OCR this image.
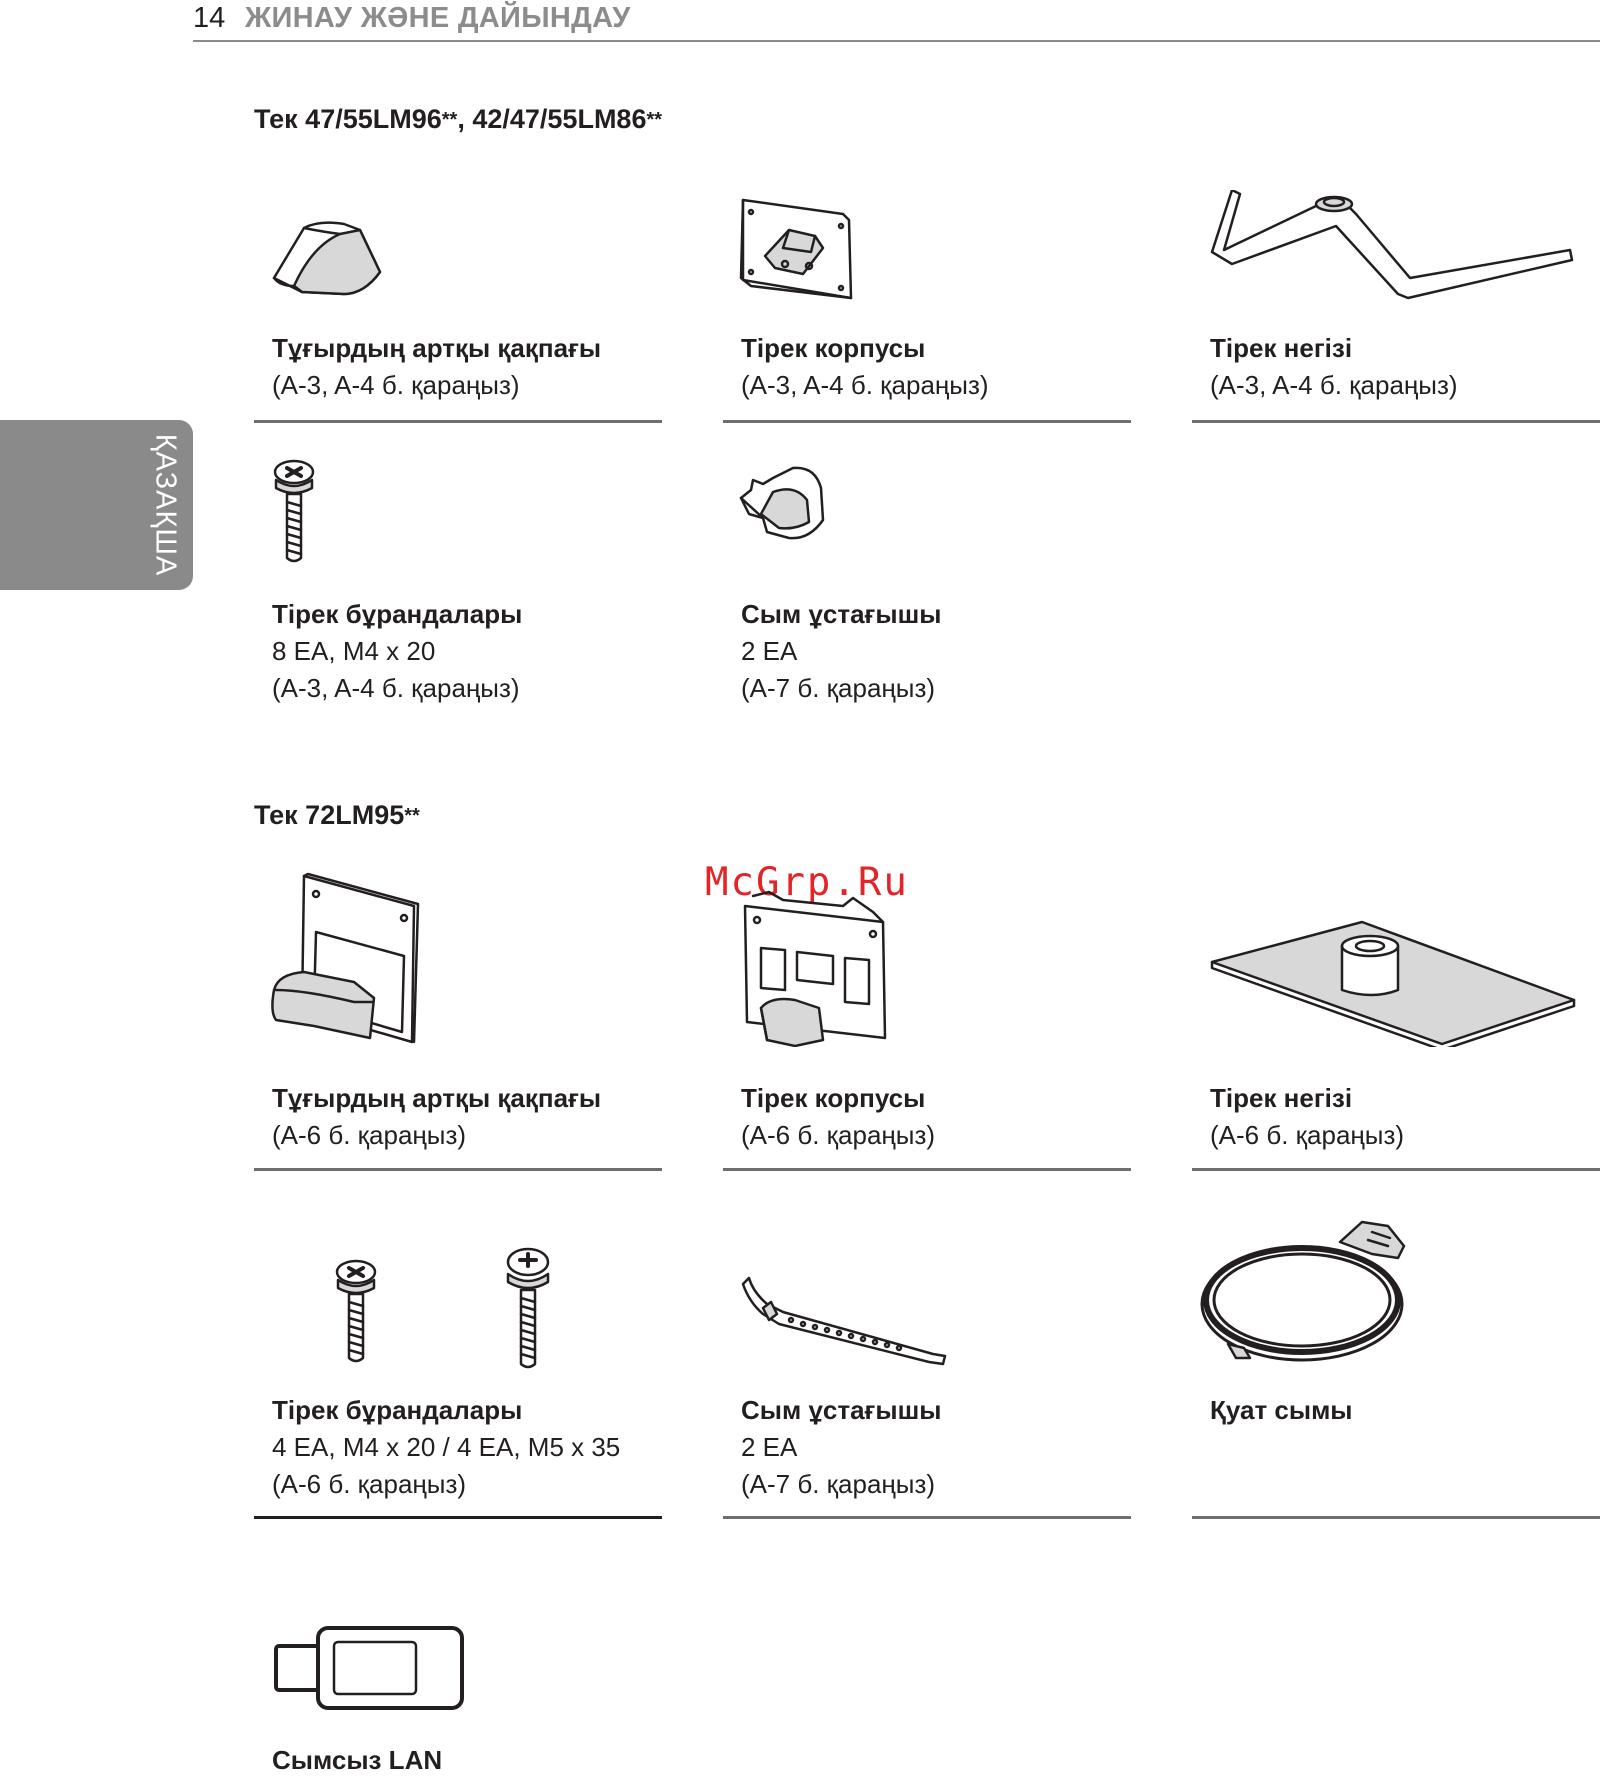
14 ЖИНАУ ЖӘНЕ ДАЙЫНДАУ
ҚАЗАҚША
Тек 47/55LM96**, 42/47/55LM86**
Тұғырдың артқы қақпағы
(A-3, A-4 б. қараңыз)
Тірек корпусы
(A-3, A-4 б. қараңыз)
Тірек негізі
(A-3, A-4 б. қараңыз)
Тірек бұрандалары
8 EA, M4 x 20
(A-3, A-4 б. қараңыз)
Сым ұстағышы
2 EA
(A-7 б. қараңыз)
Тек 72LM95**
McGrp.Ru
Тұғырдың артқы қақпағы
(A-6 б. қараңыз)
Тірек корпусы
(A-6 б. қараңыз)
Тірек негізі
(A-6 б. қараңыз)
Тірек бұрандалары
4 EA, M4 x 20 / 4 EA, M5 x 35
(A-6 б. қараңыз)
Сым ұстағышы
2 EA
(A-7 б. қараңыз)
Қуат сымы
Сымсыз LAN
